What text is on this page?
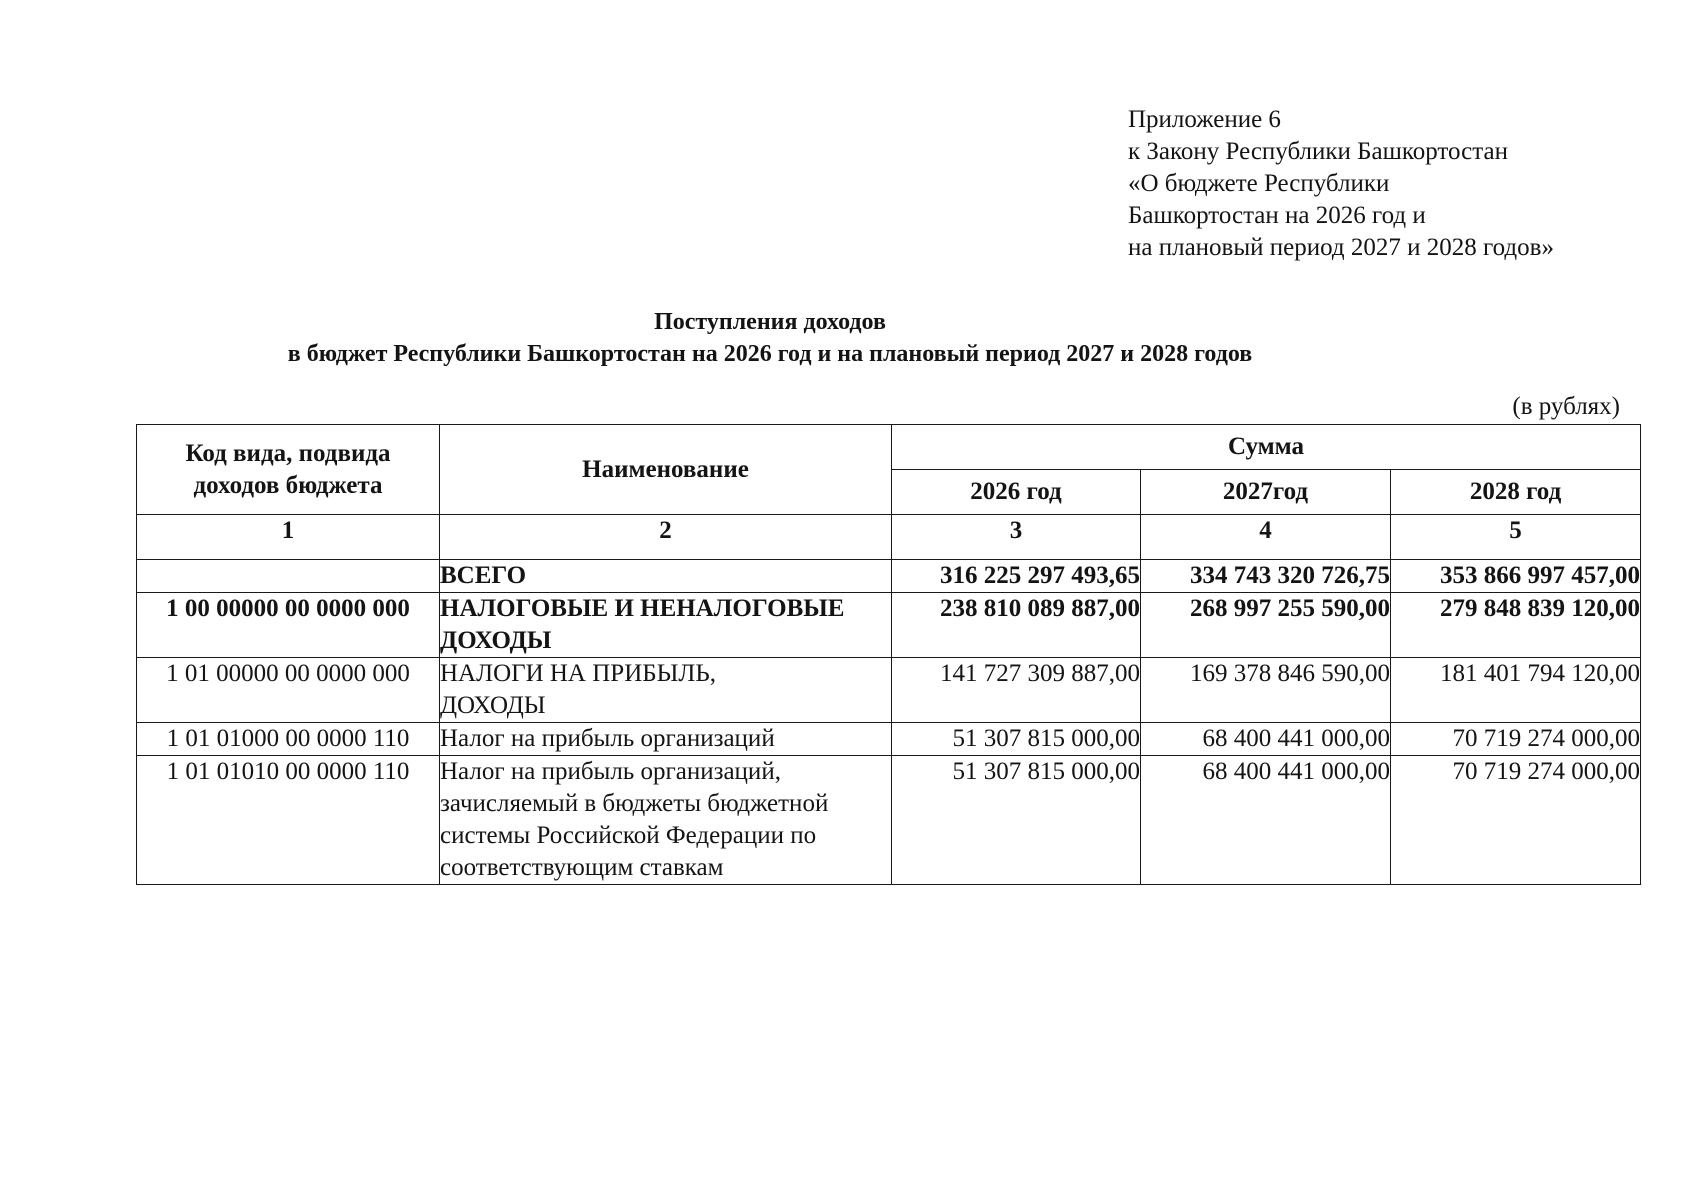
Приложение 6
к Закону Республики Башкортостан
«О бюджете Республики
Башкортостан на 2026 год и
на плановый период 2027 и 2028 годов»
Поступления доходов
в бюджет Республики Башкортостан на 2026 год и на плановый период 2027 и 2028 годов
(в рублях)
Код вида, подвида доходов бюджета	Наименование	Сумма		
		2026 год	2027год	2028 год
1	2	3	4	5
	ВСЕГО	316 225 297 493,65	334 743 320 726,75	353 866 997 457,00
1 00 00000 00 0000 000	НАЛОГОВЫЕ И НЕНАЛОГОВЫЕ ДОХОДЫ	238 810 089 887,00	268 997 255 590,00	279 848 839 120,00
1 01 00000 00 0000 000	НАЛОГИ НА ПРИБЫЛЬ, ДОХОДЫ	141 727 309 887,00	169 378 846 590,00	181 401 794 120,00
1 01 01000 00 0000 110	Налог на прибыль организаций	51 307 815 000,00	68 400 441 000,00	70 719 274 000,00
1 01 01010 00 0000 110	Налог на прибыль организаций, зачисляемый в бюджеты бюджетной системы Российской Федерации по соответствующим ставкам	51 307 815 000,00	68 400 441 000,00	70 719 274 000,00
